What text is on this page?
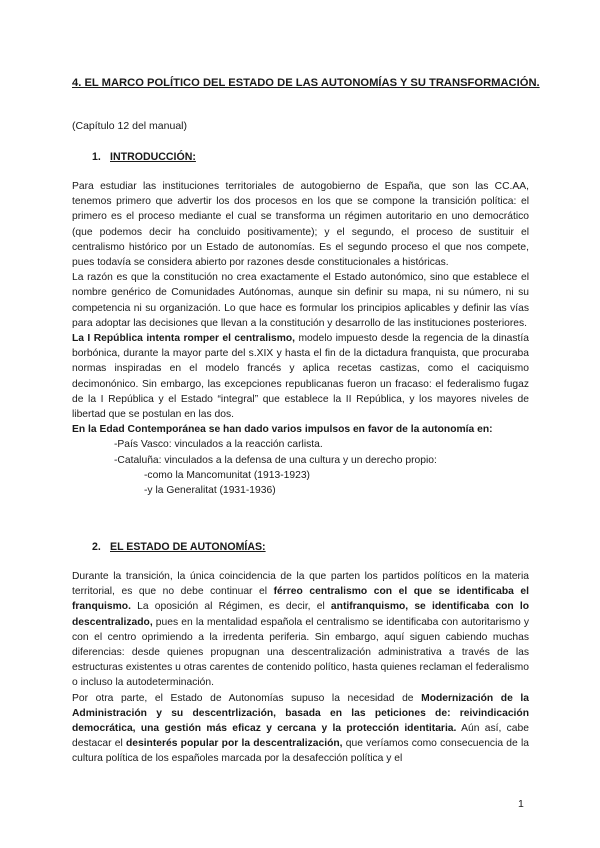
4. EL MARCO POLÍTICO DEL ESTADO DE LAS AUTONOMÍAS Y SU TRANSFORMACIÓN.
(Capítulo 12 del manual)
1. INTRODUCCIÓN:

Para estudiar las instituciones territoriales de autogobierno de España, que son las CC.AA, tenemos primero que advertir los dos procesos en los que se compone la transición política: el primero es el proceso mediante el cual se transforma un régimen autoritario en uno democrático (que podemos decir ha concluido positivamente); y el segundo, el proceso de sustituir el centralismo histórico por un Estado de autonomías. Es el segundo proceso el que nos compete, pues todavía se considera abierto por razones desde constitucionales a históricas.

La razón es que la constitución no crea exactamente el Estado autonómico, sino que establece el nombre genérico de Comunidades Autónomas, aunque sin definir su mapa, ni su número, ni su competencia ni su organización. Lo que hace es formular los principios aplicables y definir las vías para adoptar las decisiones que llevan a la constitución y desarrollo de las instituciones posteriores.

La I República intenta romper el centralismo, modelo impuesto desde la regencia de la dinastía borbónica, durante la mayor parte del s.XIX y hasta el fin de la dictadura franquista, que procuraba normas inspiradas en el modelo francés y aplica recetas castizas, como el caciquismo decimonónico. Sin embargo, las excepciones republicanas fueron un fracaso: el federalismo fugaz de la I República y el Estado “integral” que establece la II República, y los mayores niveles de libertad que se postulan en las dos.

En la Edad Contemporánea se han dado varios impulsos en favor de la autonomía en:

-País Vasco: vinculados a la reacción carlista.

-Cataluña: vinculados a la defensa de una cultura y un derecho propio:

-como la Mancomunitat (1913-1923)

-y la Generalitat (1931-1936)

2. EL ESTADO DE AUTONOMÍAS:

Durante la transición, la única coincidencia de la que parten los partidos políticos en la materia territorial, es que no debe continuar el férreo centralismo con el que se identificaba el franquismo. La oposición al Régimen, es decir, el antifranquismo, se identificaba con lo descentralizado, pues en la mentalidad española el centralismo se identificaba con autoritarismo y con el centro oprimiendo a la irredenta periferia. Sin embargo, aquí siguen cabiendo muchas diferencias: desde quienes propugnan una descentralización administrativa a través de las estructuras existentes u otras carentes de contenido político, hasta quienes reclaman el federalismo o incluso la autodeterminación.

Por otra parte, el Estado de Autonomías supuso la necesidad de Modernización de la Administración y su descentrlización, basada en las peticiones de: reivindicación democrática, una gestión más eficaz y cercana y la protección identitaria. Aún así, cabe destacar el desinterés popular por la descentralización, que veríamos como consecuencia de la cultura política de los españoles marcada por la desafección política y el

1
